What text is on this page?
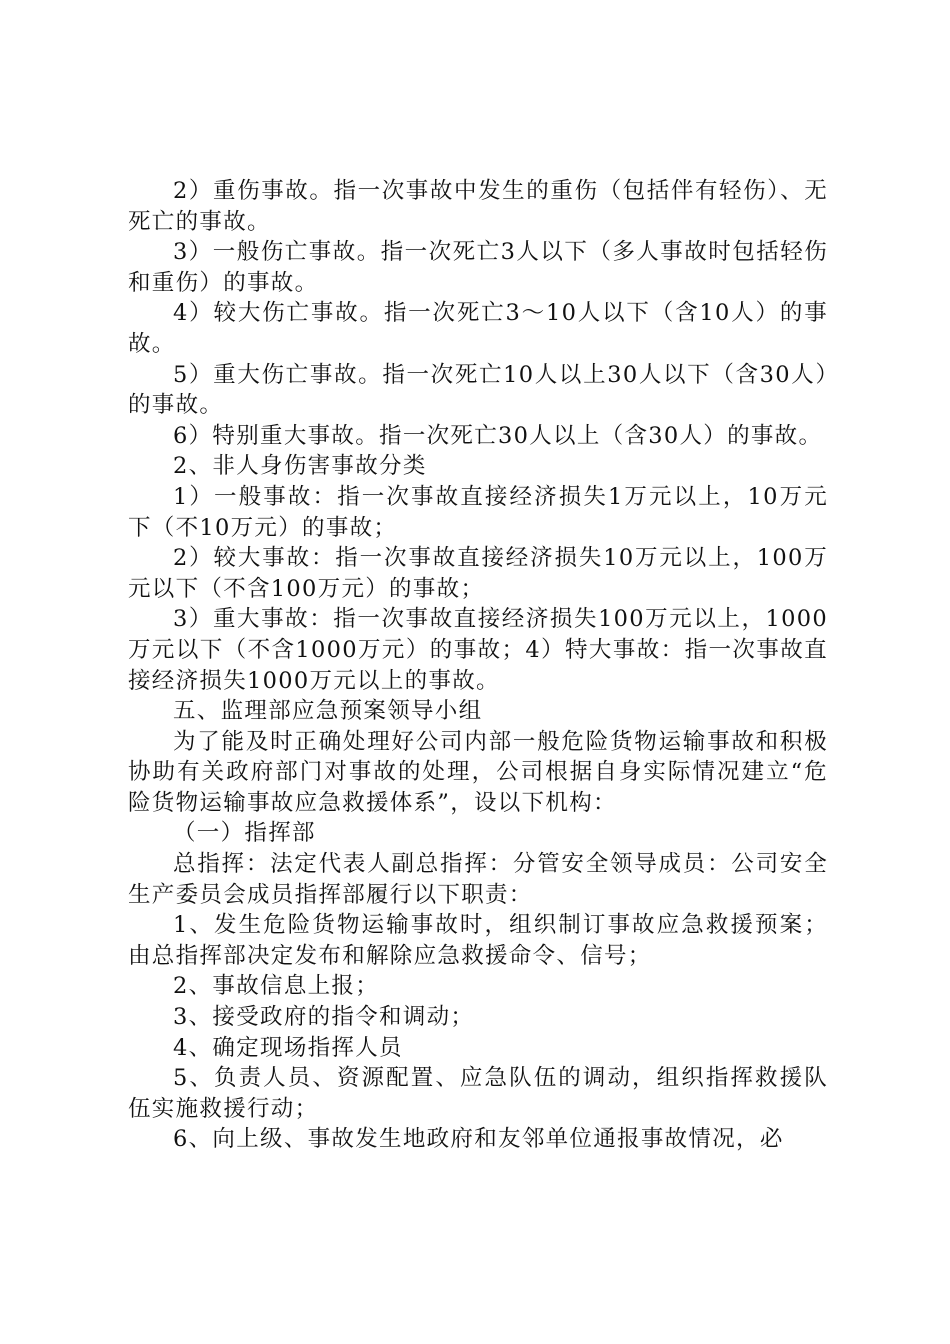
2）重伤事故。指一次事故中发生的重伤（包括伴有轻伤）、无死亡的事故。

3）一般伤亡事故。指一次死亡3人以下（多人事故时包括轻伤和重伤）的事故。

4）较大伤亡事故。指一次死亡3～10人以下（含10人）的事故。

5）重大伤亡事故。指一次死亡10人以上30人以下（含30人）的事故。

6）特别重大事故。指一次死亡30人以上（含30人）的事故。

2、非人身伤害事故分类

1）一般事故：指一次事故直接经济损失1万元以上，10万元下（不10万元）的事故；

2）较大事故：指一次事故直接经济损失10万元以上，100万元以下（不含100万元）的事故；

3）重大事故：指一次事故直接经济损失100万元以上，1000万元以下（不含1000万元）的事故；4）特大事故：指一次事故直接经济损失1000万元以上的事故。

五、监理部应急预案领导小组

为了能及时正确处理好公司内部一般危险货物运输事故和积极协助有关政府部门对事故的处理，公司根据自身实际情况建立“危险货物运输事故应急救援体系”，设以下机构：

（一）指挥部

总指挥：法定代表人副总指挥：分管安全领导成员：公司安全生产委员会成员指挥部履行以下职责：

1、发生危险货物运输事故时，组织制订事故应急救援预案；由总指挥部决定发布和解除应急救援命令、信号；

2、事故信息上报；

3、接受政府的指令和调动；

4、确定现场指挥人员

5、负责人员、资源配置、应急队伍的调动，组织指挥救援队伍实施救援行动；

6、向上级、事故发生地政府和友邻单位通报事故情况，必
